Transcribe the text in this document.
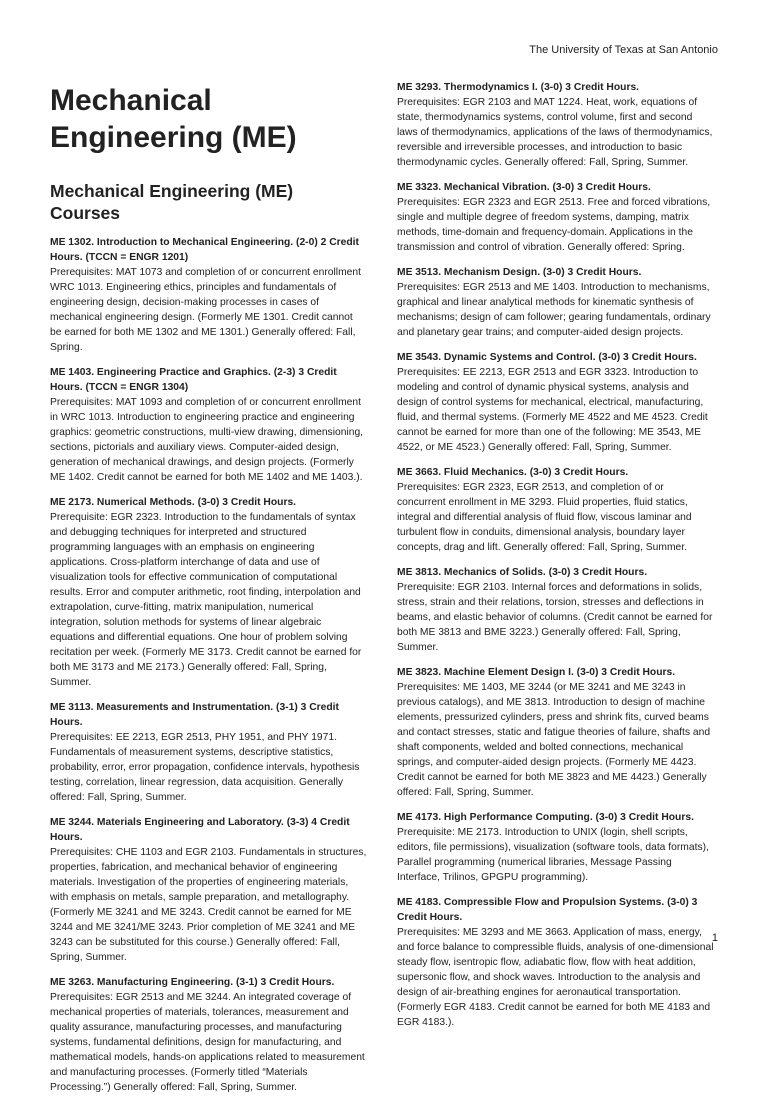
The University of Texas at San Antonio
Mechanical Engineering (ME)
Mechanical Engineering (ME) Courses
ME 1302. Introduction to Mechanical Engineering. (2-0) 2 Credit Hours. (TCCN = ENGR 1201)
Prerequisites: MAT 1073 and completion of or concurrent enrollment WRC 1013. Engineering ethics, principles and fundamentals of engineering design, decision-making processes in cases of mechanical engineering design. (Formerly ME 1301. Credit cannot be earned for both ME 1302 and ME 1301.) Generally offered: Fall, Spring.
ME 1403. Engineering Practice and Graphics. (2-3) 3 Credit Hours. (TCCN = ENGR 1304)
Prerequisites: MAT 1093 and completion of or concurrent enrollment in WRC 1013. Introduction to engineering practice and engineering graphics: geometric constructions, multi-view drawing, dimensioning, sections, pictorials and auxiliary views. Computer-aided design, generation of mechanical drawings, and design projects. (Formerly ME 1402. Credit cannot be earned for both ME 1402 and ME 1403.).
ME 2173. Numerical Methods. (3-0) 3 Credit Hours.
Prerequisite: EGR 2323. Introduction to the fundamentals of syntax and debugging techniques for interpreted and structured programming languages with an emphasis on engineering applications. Cross-platform interchange of data and use of visualization tools for effective communication of computational results. Error and computer arithmetic, root finding, interpolation and extrapolation, curve-fitting, matrix manipulation, numerical integration, solution methods for systems of linear algebraic equations and differential equations. One hour of problem solving recitation per week. (Formerly ME 3173. Credit cannot be earned for both ME 3173 and ME 2173.) Generally offered: Fall, Spring, Summer.
ME 3113. Measurements and Instrumentation. (3-1) 3 Credit Hours.
Prerequisites: EE 2213, EGR 2513, PHY 1951, and PHY 1971. Fundamentals of measurement systems, descriptive statistics, probability, error, error propagation, confidence intervals, hypothesis testing, correlation, linear regression, data acquisition. Generally offered: Fall, Spring, Summer.
ME 3244. Materials Engineering and Laboratory. (3-3) 4 Credit Hours.
Prerequisites: CHE 1103 and EGR 2103. Fundamentals in structures, properties, fabrication, and mechanical behavior of engineering materials. Investigation of the properties of engineering materials, with emphasis on metals, sample preparation, and metallography. (Formerly ME 3241 and ME 3243. Credit cannot be earned for ME 3244 and ME 3241/ME 3243. Prior completion of ME 3241 and ME 3243 can be substituted for this course.) Generally offered: Fall, Spring, Summer.
ME 3263. Manufacturing Engineering. (3-1) 3 Credit Hours.
Prerequisites: EGR 2513 and ME 3244. An integrated coverage of mechanical properties of materials, tolerances, measurement and quality assurance, manufacturing processes, and manufacturing systems, fundamental definitions, design for manufacturing, and mathematical models, hands-on applications related to measurement and manufacturing processes. (Formerly titled “Materials Processing.”) Generally offered: Fall, Spring, Summer.
ME 3293. Thermodynamics I. (3-0) 3 Credit Hours.
Prerequisites: EGR 2103 and MAT 1224. Heat, work, equations of state, thermodynamics systems, control volume, first and second laws of thermodynamics, applications of the laws of thermodynamics, reversible and irreversible processes, and introduction to basic thermodynamic cycles. Generally offered: Fall, Spring, Summer.
ME 3323. Mechanical Vibration. (3-0) 3 Credit Hours.
Prerequisites: EGR 2323 and EGR 2513. Free and forced vibrations, single and multiple degree of freedom systems, damping, matrix methods, time-domain and frequency-domain. Applications in the transmission and control of vibration. Generally offered: Spring.
ME 3513. Mechanism Design. (3-0) 3 Credit Hours.
Prerequisites: EGR 2513 and ME 1403. Introduction to mechanisms, graphical and linear analytical methods for kinematic synthesis of mechanisms; design of cam follower; gearing fundamentals, ordinary and planetary gear trains; and computer-aided design projects.
ME 3543. Dynamic Systems and Control. (3-0) 3 Credit Hours.
Prerequisites: EE 2213, EGR 2513 and EGR 3323. Introduction to modeling and control of dynamic physical systems, analysis and design of control systems for mechanical, electrical, manufacturing, fluid, and thermal systems. (Formerly ME 4522 and ME 4523. Credit cannot be earned for more than one of the following: ME 3543, ME 4522, or ME 4523.) Generally offered: Fall, Spring, Summer.
ME 3663. Fluid Mechanics. (3-0) 3 Credit Hours.
Prerequisites: EGR 2323, EGR 2513, and completion of or concurrent enrollment in ME 3293. Fluid properties, fluid statics, integral and differential analysis of fluid flow, viscous laminar and turbulent flow in conduits, dimensional analysis, boundary layer concepts, drag and lift. Generally offered: Fall, Spring, Summer.
ME 3813. Mechanics of Solids. (3-0) 3 Credit Hours.
Prerequisite: EGR 2103. Internal forces and deformations in solids, stress, strain and their relations, torsion, stresses and deflections in beams, and elastic behavior of columns. (Credit cannot be earned for both ME 3813 and BME 3223.) Generally offered: Fall, Spring, Summer.
ME 3823. Machine Element Design I. (3-0) 3 Credit Hours.
Prerequisites: ME 1403, ME 3244 (or ME 3241 and ME 3243 in previous catalogs), and ME 3813. Introduction to design of machine elements, pressurized cylinders, press and shrink fits, curved beams and contact stresses, static and fatigue theories of failure, shafts and shaft components, welded and bolted connections, mechanical springs, and computer-aided design projects. (Formerly ME 4423. Credit cannot be earned for both ME 3823 and ME 4423.) Generally offered: Fall, Spring, Summer.
ME 4173. High Performance Computing. (3-0) 3 Credit Hours.
Prerequisite: ME 2173. Introduction to UNIX (login, shell scripts, editors, file permissions), visualization (software tools, data formats), Parallel programming (numerical libraries, Message Passing Interface, Trilinos, GPGPU programming).
ME 4183. Compressible Flow and Propulsion Systems. (3-0) 3 Credit Hours.
Prerequisites: ME 3293 and ME 3663. Application of mass, energy, and force balance to compressible fluids, analysis of one-dimensional steady flow, isentropic flow, adiabatic flow, flow with heat addition, supersonic flow, and shock waves. Introduction to the analysis and design of air-breathing engines for aeronautical transportation. (Formerly EGR 4183. Credit cannot be earned for both ME 4183 and EGR 4183.).
1
